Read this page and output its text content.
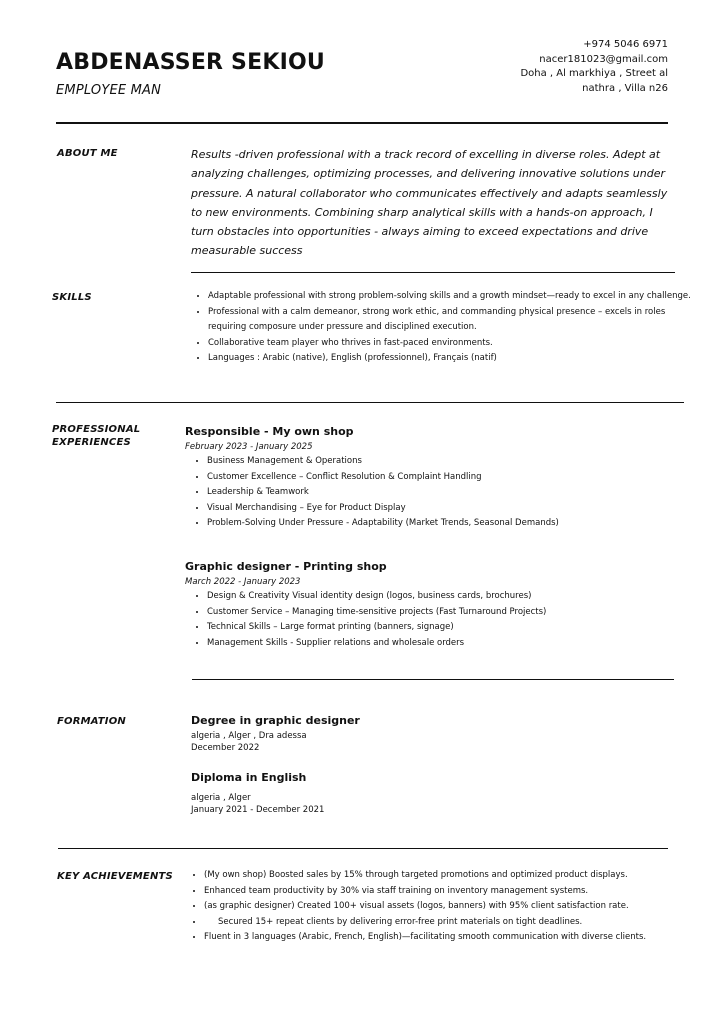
ABDENASSER SEKIOU
EMPLOYEE MAN
+974 5046 6971
nacer181023@gmail.com
Doha , Al markhiya , Street al
nathra , Villa n26
ABOUT ME	Results -driven professional with a track record of excelling in diverse roles. Adept at analyzing challenges, optimizing processes, and delivering innovative solutions under pressure. A natural collaborator who communicates effectively and adapts seamlessly to new environments. Combining sharp analytical skills with a hands-on approach, I turn obstacles into opportunities - always aiming to exceed expectations and drive measurable success
SKILLS	• Adaptable professional with strong problem-solving skills and a growth mindset—ready to excel in any challenge.
• Professional with a calm demeanor, strong work ethic, and commanding physical presence – excels in roles requiring composure under pressure and disciplined execution.
• Collaborative team player who thrives in fast-paced environments.
• Languages : Arabic (native), English (professionnel), Français (natif)
PROFESSIONAL
EXPERIENCES
Responsible - My own shop
February 2023 - January 2025
• Business Management & Operations
• Customer Excellence – Conflict Resolution & Complaint Handling
• Leadership & Teamwork
• Visual Merchandising – Eye for Product Display
• Problem-Solving Under Pressure - Adaptability (Market Trends, Seasonal Demands)
Graphic designer - Printing shop
March 2022 - January 2023
• Design & Creativity Visual identity design (logos, business cards, brochures)
• Customer Service – Managing time-sensitive projects (Fast Turnaround Projects)
• Technical Skills – Large format printing (banners, signage)
• Management Skills - Supplier relations and wholesale orders
FORMATION	Degree in graphic designer
algeria , Alger , Dra adessa
December 2022
Diploma in English
algeria , Alger
January 2021 - December 2021
KEY ACHIEVEMENTS	• (My own shop) Boosted sales by 15% through targeted promotions and optimized product displays.
• Enhanced team productivity by 30% via staff training on inventory management systems.
• (as graphic designer) Created 100+ visual assets (logos, banners) with 95% client satisfaction rate.
• Secured 15+ repeat clients by delivering error-free print materials on tight deadlines.
• Fluent in 3 languages (Arabic, French, English)—facilitating smooth communication with diverse clients.
